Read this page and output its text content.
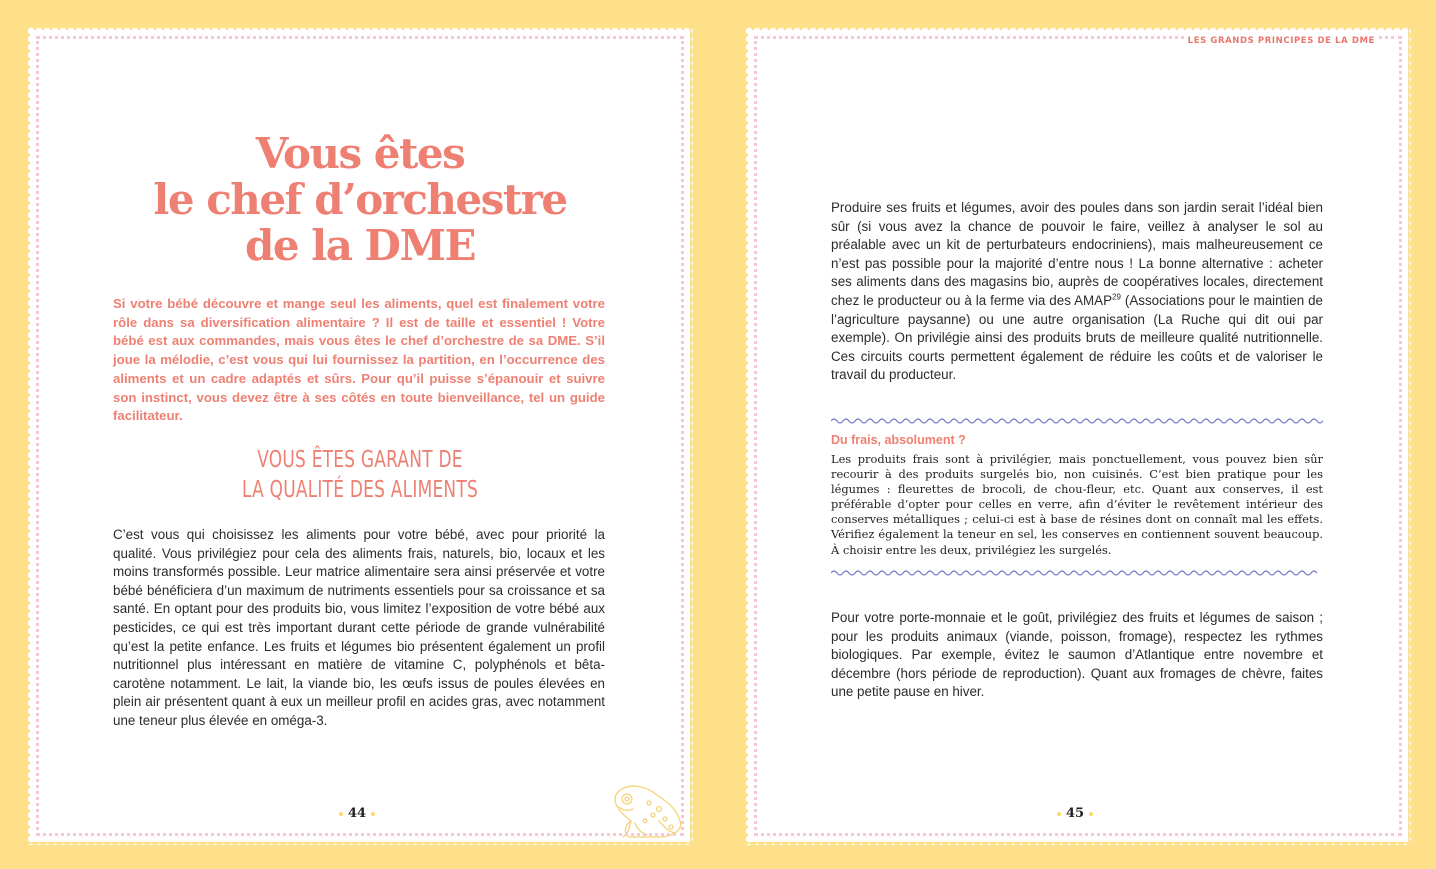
Vous êtes
le chef d’orchestre
de la DME
Si votre bébé découvre et mange seul les aliments, quel est finalement votre rôle dans sa diversification alimentaire ? Il est de taille et essentiel ! Votre bébé est aux commandes, mais vous êtes le chef d’orchestre de sa DME. S’il joue la mélodie, c’est vous qui lui fournissez la partition, en l’occurrence des aliments et un cadre adaptés et sûrs. Pour qu’il puisse s’épanouir et suivre son instinct, vous devez être à ses côtés en toute bienveillance, tel un guide facilitateur.
VOUS ÊTES GARANT DE
LA QUALITÉ DES ALIMENTS
C’est vous qui choisissez les aliments pour votre bébé, avec pour priorité la qualité. Vous privilégiez pour cela des aliments frais, naturels, bio, locaux et les moins transformés possible. Leur matrice alimentaire sera ainsi préservée et votre bébé bénéficiera d’un maximum de nutriments essentiels pour sa croissance et sa santé. En optant pour des produits bio, vous limitez l’exposition de votre bébé aux pesticides, ce qui est très important durant cette période de grande vulnérabilité qu’est la petite enfance. Les fruits et légumes bio présentent également un profil nutritionnel plus intéressant en matière de vitamine C, polyphénols et bêta-carotène notamment. Le lait, la viande bio, les œufs issus de poules élevées en plein air présentent quant à eux un meilleur profil en acides gras, avec notamment une teneur plus élevée en oméga-3.
44
LES GRANDS PRINCIPES DE LA DME
Produire ses fruits et légumes, avoir des poules dans son jardin serait l’idéal bien sûr (si vous avez la chance de pouvoir le faire, veillez à analyser le sol au préalable avec un kit de perturbateurs endocriniens), mais malheureusement ce n’est pas possible pour la majorité d’entre nous ! La bonne alternative : acheter ses aliments dans des magasins bio, auprès de coopératives locales, directement chez le producteur ou à la ferme via des AMAP$^{29}$ (Associations pour le maintien de l’agriculture paysanne) ou une autre organisation (La Ruche qui dit oui par exemple). On privilégie ainsi des produits bruts de meilleure qualité nutritionnelle. Ces circuits courts permettent également de réduire les coûts et de valoriser le travail du producteur.
Du frais, absolument ?
Les produits frais sont à privilégier, mais ponctuellement, vous pouvez bien sûr recourir à des produits surgelés bio, non cuisinés. C’est bien pratique pour les légumes : fleurettes de brocoli, de chou-fleur, etc. Quant aux conserves, il est préférable d’opter pour celles en verre, afin d’éviter le revêtement intérieur des conserves métalliques ; celui-ci est à base de résines dont on connaît mal les effets. Vérifiez également la teneur en sel, les conserves en contiennent souvent beaucoup. À choisir entre les deux, privilégiez les surgelés.
Pour votre porte-monnaie et le goût, privilégiez des fruits et légumes de saison ; pour les produits animaux (viande, poisson, fromage), respectez les rythmes biologiques. Par exemple, évitez le saumon d’Atlantique entre novembre et décembre (hors période de reproduction). Quant aux fromages de chèvre, faites une petite pause en hiver.
45
